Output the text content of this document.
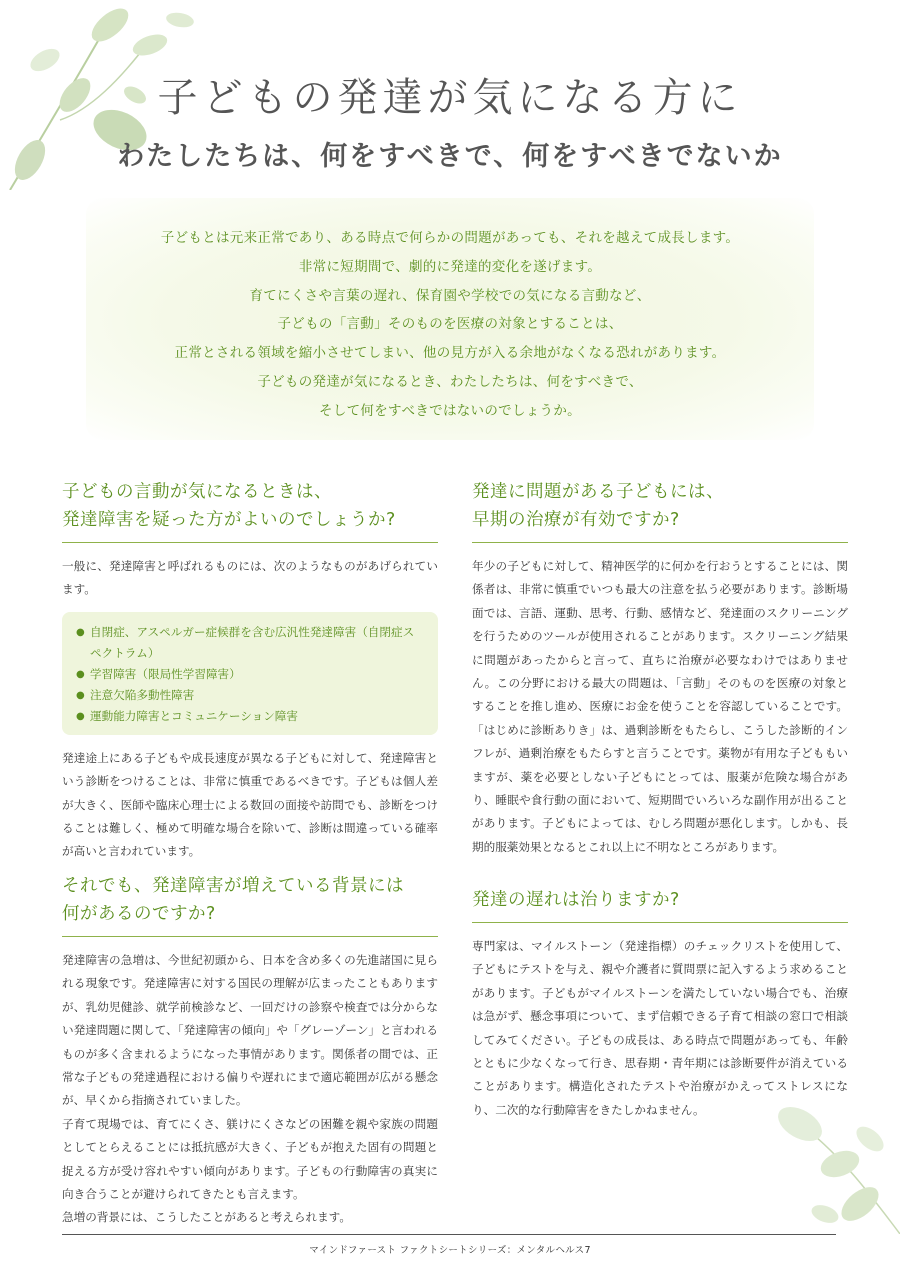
子どもの発達が気になる方に
わたしたちは、何をすべきで、何をすべきでないか

子どもとは元来正常であり、ある時点で何らかの問題があっても、それを越えて成長します。

非常に短期間で、劇的に発達的変化を遂げます。

育てにくさや言葉の遅れ、保育園や学校での気になる言動など、

子どもの「言動」そのものを医療の対象とすることは、

正常とされる領域を縮小させてしまい、他の見方が入る余地がなくなる恐れがあります。

子どもの発達が気になるとき、わたしたちは、何をすべきで、

そして何をすべきではないのでしょうか。

子どもの言動が気になるときは、
発達障害を疑った方がよいのでしょうか?

一般に、発達障害と呼ばれるものには、次のようなものがあげられています。

● 自閉症、アスペルガー症候群を含む広汎性発達障害（自閉症スペクトラム）
● 学習障害（限局性学習障害）
● 注意欠陥多動性障害
● 運動能力障害とコミュニケーション障害

発達途上にある子どもや成長速度が異なる子どもに対して、発達障害という診断をつけることは、非常に慎重であるべきです。子どもは個人差が大きく、医師や臨床心理士による数回の面接や訪問でも、診断をつけることは難しく、極めて明確な場合を除いて、診断は間違っている確率が高いと言われています。

発達に問題がある子どもには、
早期の治療が有効ですか?

年少の子どもに対して、精神医学的に何かを行おうとすることには、関係者は、非常に慎重でいつも最大の注意を払う必要があります。診断場面では、言語、運動、思考、行動、感情など、発達面のスクリーニングを行うためのツールが使用されることがあります。スクリーニング結果に問題があったからと言って、直ちに治療が必要なわけではありません。この分野における最大の問題は、「言動」そのものを医療の対象とすることを推し進め、医療にお金を使うことを容認していることです。「はじめに診断ありき」は、過剰診断をもたらし、こうした診断的インフレが、過剰治療をもたらすと言うことです。薬物が有用な子どももいますが、薬を必要としない子どもにとっては、服薬が危険な場合があり、睡眠や食行動の面において、短期間でいろいろな副作用が出ることがあります。子どもによっては、むしろ問題が悪化します。しかも、長期的服薬効果となるとこれ以上に不明なところがあります。

それでも、発達障害が増えている背景には
何があるのですか?

発達障害の急増は、今世紀初頭から、日本を含め多くの先進諸国に見られる現象です。発達障害に対する国民の理解が広まったこともありますが、乳幼児健診、就学前検診など、一回だけの診察や検査では分からない発達問題に関して、「発達障害の傾向」や「グレーゾーン」と言われるものが多く含まれるようになった事情があります。関係者の間では、正常な子どもの発達過程における偏りや遅れにまで適応範囲が広がる懸念が、早くから指摘されていました。

子育て現場では、育てにくさ、躾けにくさなどの困難を親や家族の問題としてとらえることには抵抗感が大きく、子どもが抱えた固有の問題と捉える方が受け容れやすい傾向があります。子どもの行動障害の真実に向き合うことが避けられてきたとも言えます。

急増の背景には、こうしたことがあると考えられます。

発達の遅れは治りますか?

専門家は、マイルストーン（発達指標）のチェックリストを使用して、子どもにテストを与え、親や介護者に質問票に記入するよう求めることがあります。子どもがマイルストーンを満たしていない場合でも、治療は急がず、懸念事項について、まず信頼できる子育て相談の窓口で相談してみてください。子どもの成長は、ある時点で問題があっても、年齢とともに少なくなって行き、思春期・青年期には診断要件が消えていることがあります。構造化されたテストや治療がかえってストレスになり、二次的な行動障害をきたしかねません。

マインドファースト ファクトシートシリーズ：メンタルヘルス7
